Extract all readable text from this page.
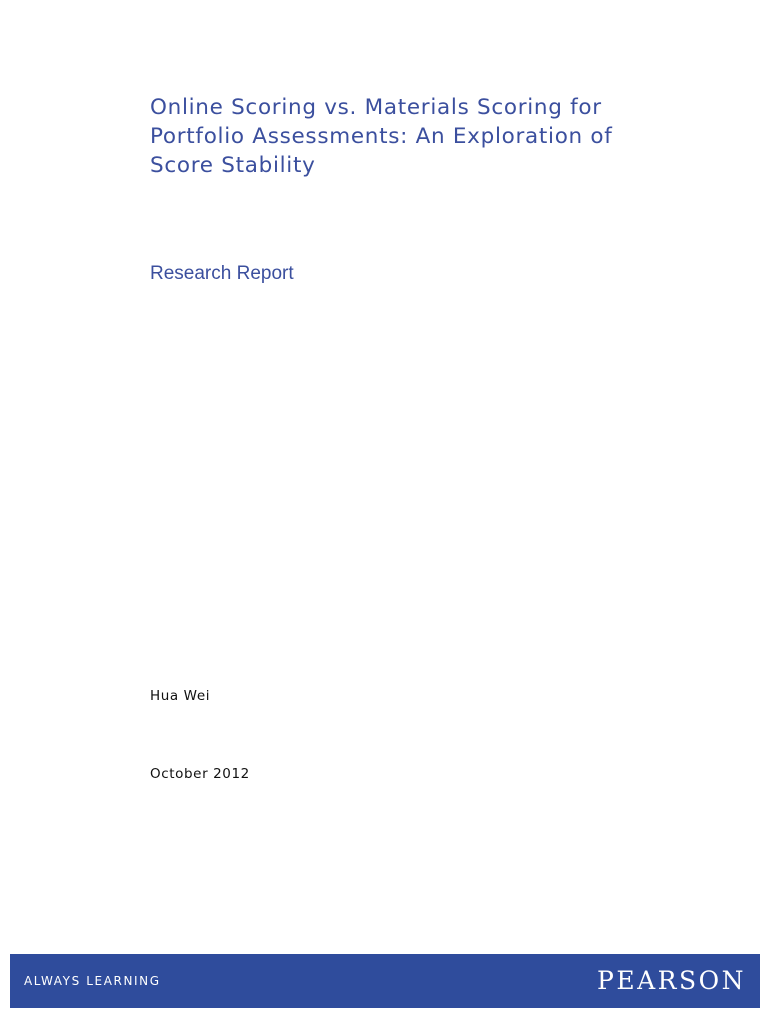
Online Scoring vs. Materials Scoring for
Portfolio Assessments: An Exploration of
Score Stability

Research Report

Hua Wei

October 2012

ALWAYS LEARNING	PEARSON
